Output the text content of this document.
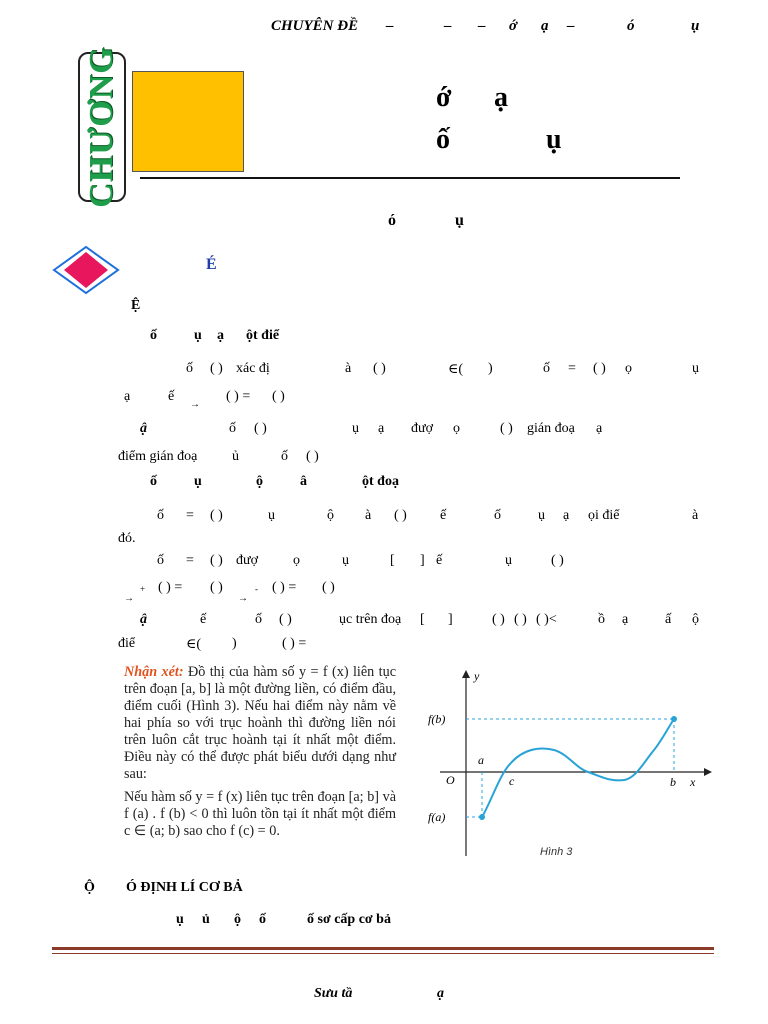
CHUYÊN ĐỀ –	– – ớ ạ –	ó	ụ
CHƯƠNG	ớ ạ
ố	ụ
ó	ụ
É
Ệ
ố	ụ ạ ột điể
ố ( ) xác đị	à ( )	∈( )	ố = ( ) ọ	ụ
ạ	ế
→
( ) = ( )
ậ	ố ( )	ụ ạ đượ ọ	( ) gián đoạ ạ
điểm gián đoạ ủ	ố ( )
ố	ụ	ộ	â	ột đoạ
ố = ( )	ụ	ộ à ( ) ế	ố	ụ ạ ọi điể	à
đó.
ố = ( ) đượ	ọ	ụ	[ ] ế	ụ	( )
→
+ ( ) = ( )
→
- ( ) = ( )
ậ	ế	ố ( )	ục trên đoạ [ ]	( ) ( ) ( )<	ồ ạ	ấ ộ
điể	∈( )	( ) =

Nhận xét: Đồ thị của hàm số y = f (x) liên tục trên đoạn [a, b] là một đường liền, có điểm đầu, điểm cuối (Hình 3). Nếu hai điểm này nằm về hai phía so với trục hoành thì đường liền nói trên luôn cắt trục hoành tại ít nhất một điểm. Điều này có thể được phát biểu dưới dạng như sau:

Nếu hàm số y = f (x) liên tục trên đoạn [a; b] và f (a) . f (b) < 0 thì luôn tồn tại ít nhất một điểm c ∈ (a; b) sao cho f (c) = 0.

y
x
O
f(b)
f(a)
a
c	b
Hình 3
Ộ Ó ĐỊNH LÍ CƠ BẢ
ụ ủ ộ ố	ố sơ cấp cơ bả
Sưu tầ	ạ
